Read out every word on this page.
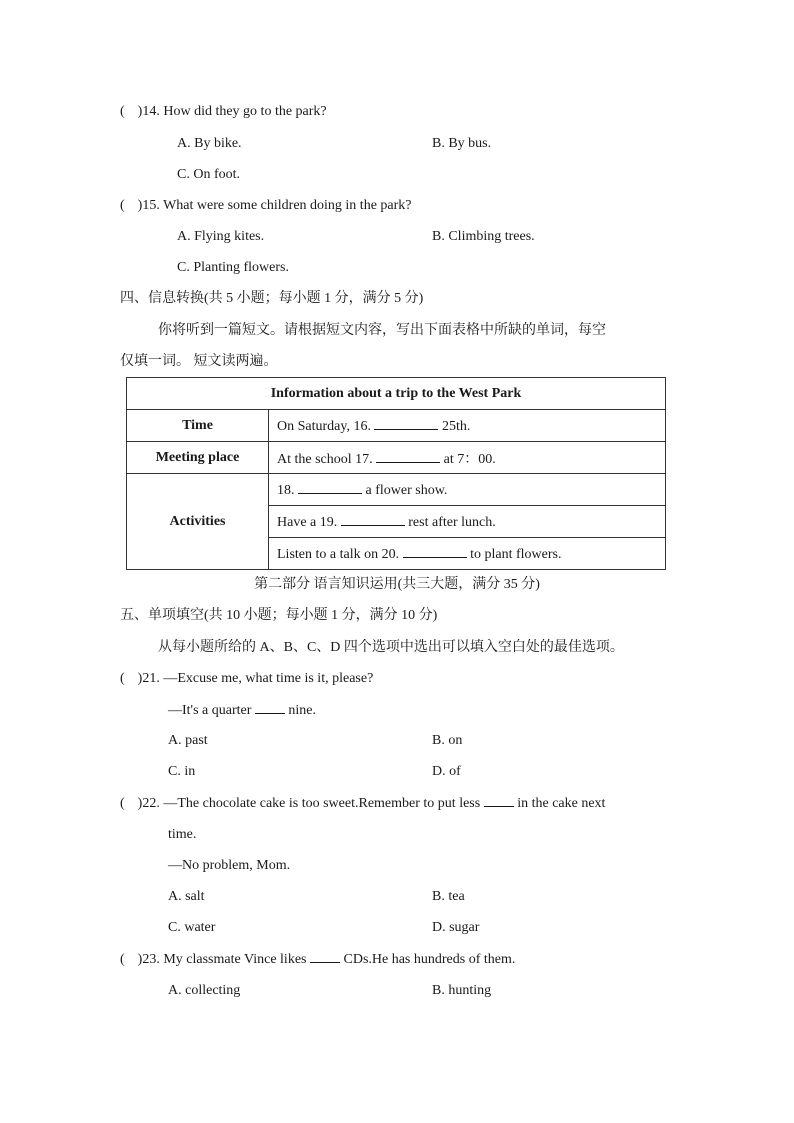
( )14. How did they go to the park?
A. By bike.	B. By bus.
C. On foot.
( )15. What were some children doing in the park?
A. Flying kites.	B. Climbing trees.
C. Planting flowers.
四、信息转换(共 5 小题；每小题 1 分，满分 5 分)
你将听到一篇短文。请根据短文内容，写出下面表格中所缺的单词，每空
仅填一词。 短文读两遍。
Information about a trip to the West Park	
Time	On Saturday, 16. 25th.
Meeting place	At the school 17. at 7：00.
Activities	18. a flower show.
	Have a 19. rest after lunch.
	Listen to a talk on 20. to plant flowers.
第二部分 语言知识运用(共三大题，满分 35 分)
五、单项填空(共 10 小题；每小题 1 分，满分 10 分)
从每小题所给的 A、B、C、D 四个选项中选出可以填入空白处的最佳选项。
( )21. —Excuse me, what time is it, please?
—It's a quarter  nine.
A. past	B. on
C. in	D. of
( )22. —The chocolate cake is too sweet.Remember to put less  in the cake next
time.
—No problem, Mom.
A. salt	B. tea
C. water	D. sugar
( )23. My classmate Vince likes  CDs.He has hundreds of them.
A. collecting	B. hunting
